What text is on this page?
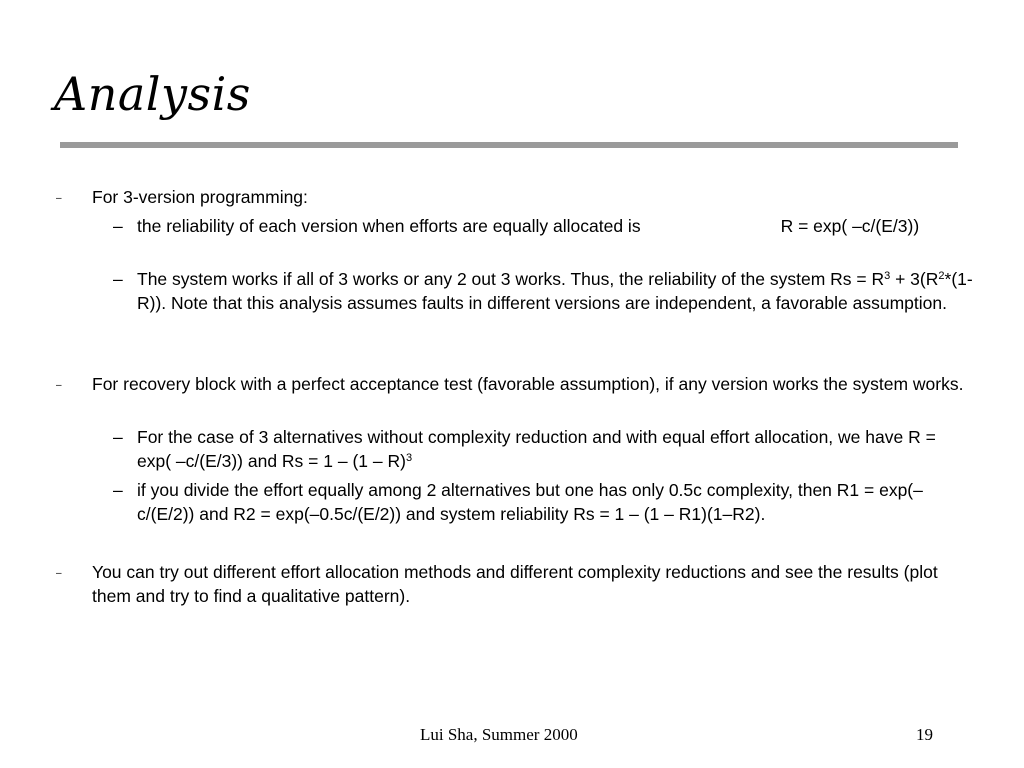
Analysis

– For 3-version programming:

– the reliability of each version when efforts are equally allocated is	R = exp( –c/(E/3))

– The system works if all of 3 works or any 2 out 3 works. Thus, the reliability of the system $Rs = R^3 + 3(R^2*(1-R))$. Note that this analysis assumes faults in different versions are independent, a favorable assumption.

– For recovery block with a perfect acceptance test (favorable assumption), if any version works the system works.

– For the case of 3 alternatives without complexity reduction and with equal effort allocation, we have R = exp( –c/(E/3)) and Rs = 1 – (1 – R)$^3$

– if you divide the effort equally among 2 alternatives but one has only 0.5c complexity, then R1 = exp(–c/(E/2)) and R2 = exp(–0.5c/(E/2)) and system reliability Rs = 1 – (1 – R1)(1–R2).

– You can try out different effort allocation methods and different complexity reductions and see the results (plot them and try to find a qualitative pattern).

Lui Sha, Summer 2000	19
